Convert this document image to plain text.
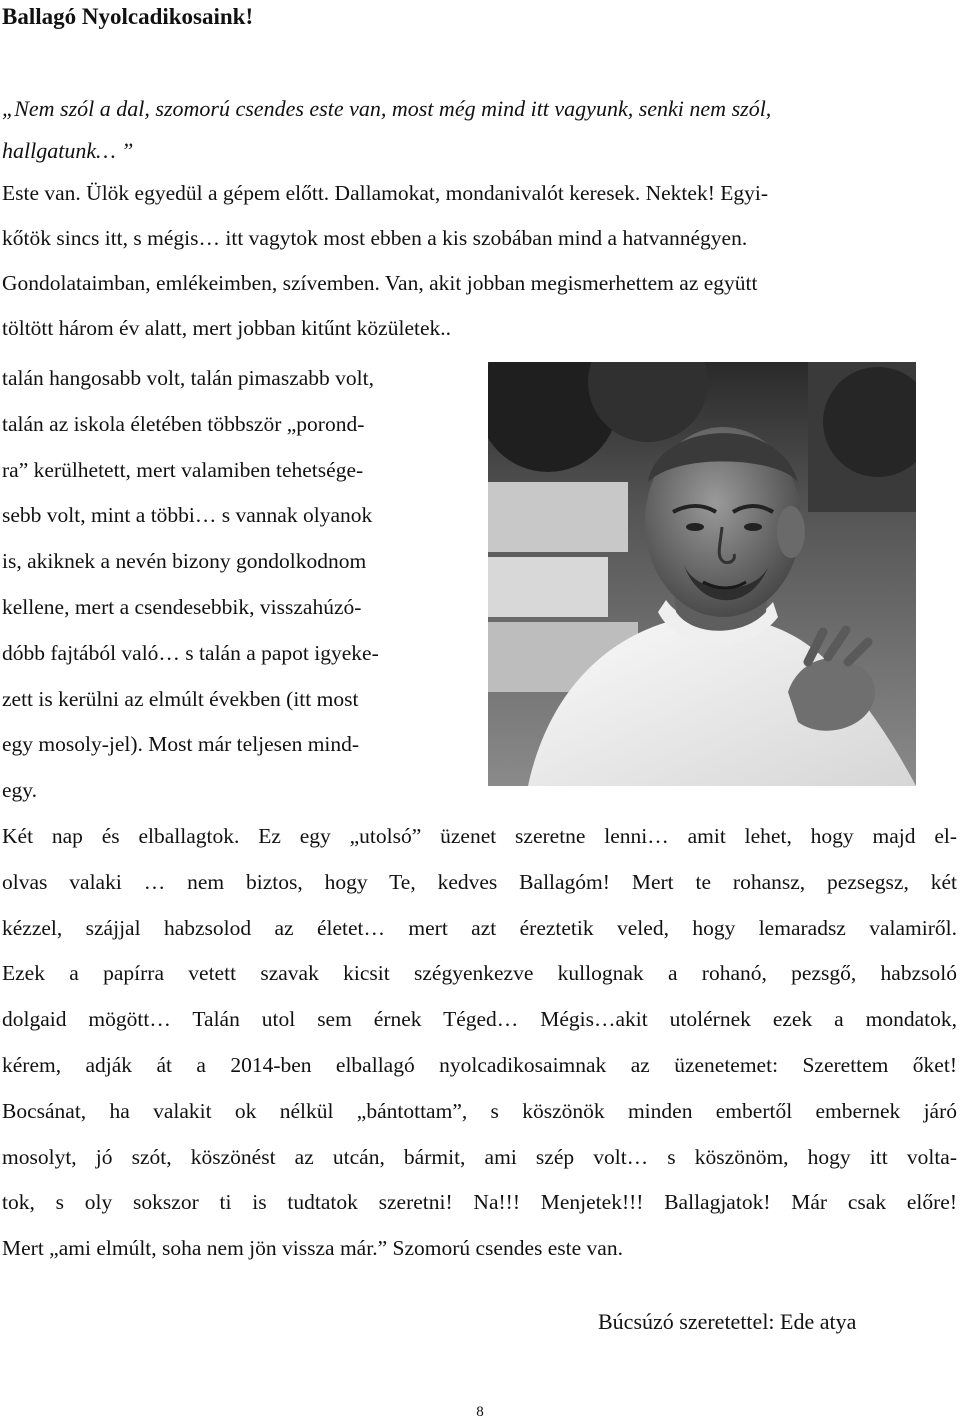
Ballagó Nyolcadikosaink!
„Nem szól a dal, szomorú csendes este van, most még mind itt vagyunk, senki nem szól,
hallgatunk… ”
Este van. Ülök egyedül a gépem előtt. Dallamokat, mondanivalót keresek. Nektek! Egyi-
kőtök sincs itt, s mégis… itt vagytok most ebben a kis szobában mind a hatvannégyen.
Gondolataimban, emlékeimben, szívemben. Van, akit jobban megismerhettem az együtt
töltött három év alatt, mert jobban kitűnt közületek..
talán hangosabb volt, talán pimaszabb volt,
talán az iskola életében többször „porond-
ra” kerülhetett, mert valamiben tehetsége-
sebb volt, mint a többi… s vannak olyanok
is, akiknek a nevén bizony gondolkodnom
kellene, mert a csendesebbik, visszahúzó-
dóbb fajtából való… s talán a papot igyeke-
zett is kerülni az elmúlt években (itt most
egy mosoly-jel). Most már teljesen mind-
egy.
Két nap és elballagtok. Ez egy „utolsó” üzenet szeretne lenni… amit lehet, hogy majd el-
olvas valaki … nem biztos, hogy Te, kedves Ballagóm! Mert te rohansz, pezsegsz, két
kézzel, szájjal habzsolod az életet… mert azt éreztetik veled, hogy lemaradsz valamiről.
Ezek a papírra vetett szavak kicsit szégyenkezve kullognak a rohanó, pezsgő, habzsoló
dolgaid mögött… Talán utol sem érnek Téged… Mégis…akit utolérnek ezek a mondatok,
kérem, adják át a 2014-ben elballagó nyolcadikosaimnak az üzenetemet: Szerettem őket!
Bocsánat, ha valakit ok nélkül „bántottam”, s köszönök minden embertől embernek járó
mosolyt, jó szót, köszönést az utcán, bármit, ami szép volt… s köszönöm, hogy itt volta-
tok, s oly sokszor ti is tudtatok szeretni! Na!!! Menjetek!!! Ballagjatok! Már csak előre!
Mert „ami elmúlt, soha nem jön vissza már.” Szomorú csendes este van.
Búcsúzó szeretettel: Ede atya
8
